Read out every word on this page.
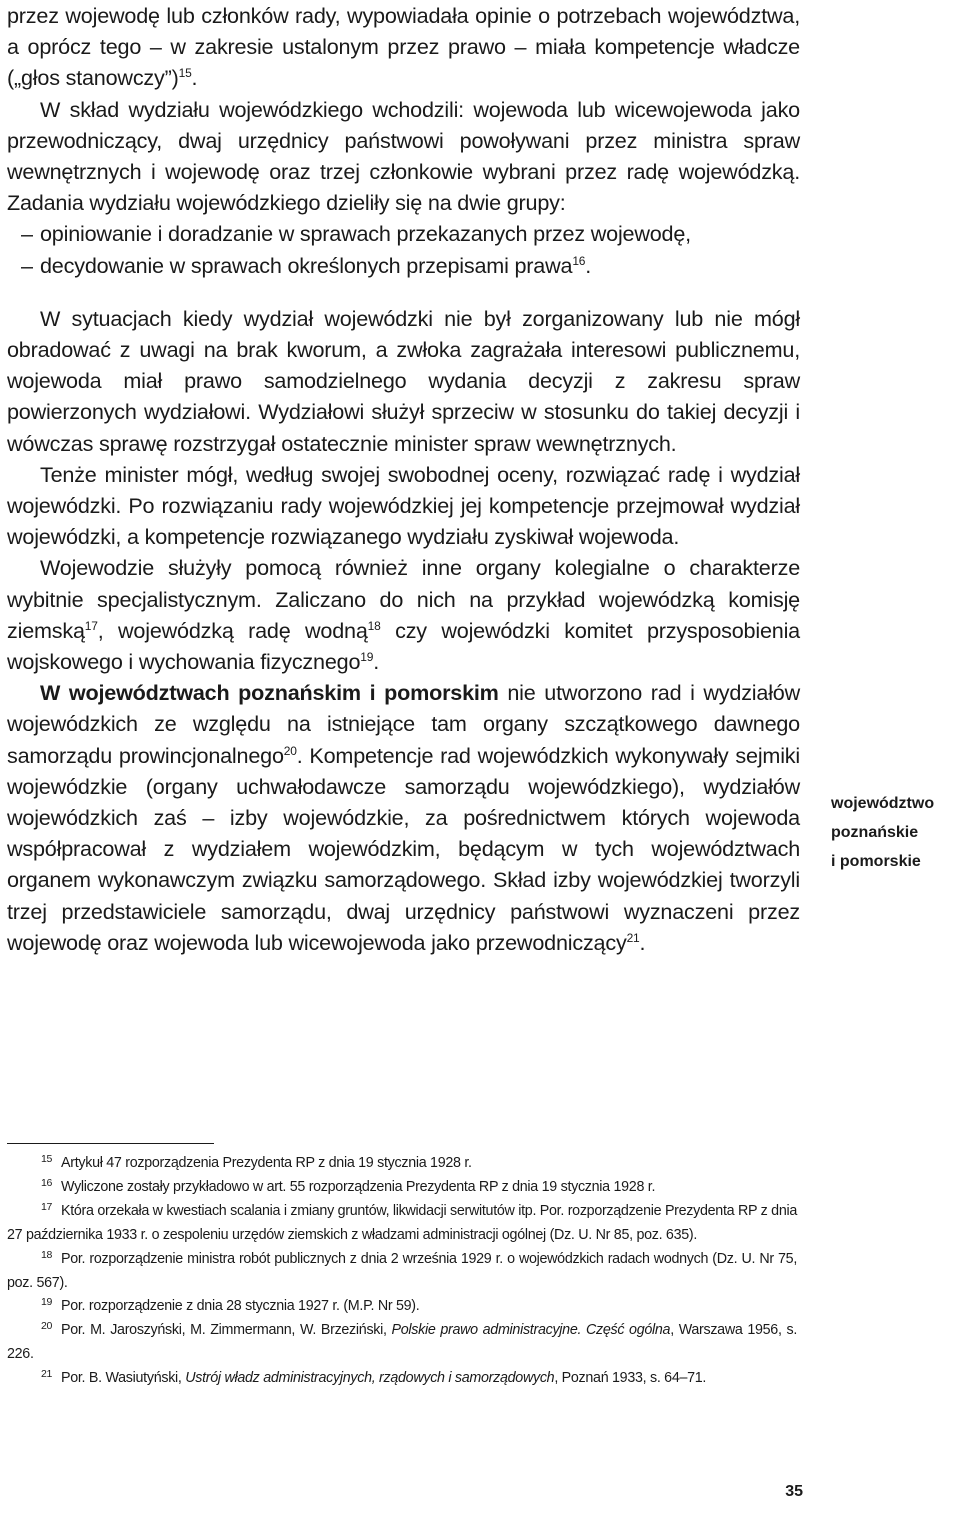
przez wojewodę lub członków rady, wypowiadała opinie o potrzebach województwa, a oprócz tego – w zakresie ustalonym przez prawo – miała kompetencje władcze („głos stanowczy”)$^{15}$.

W skład wydziału wojewódzkiego wchodzili: wojewoda lub wicewojewoda jako przewodniczący, dwaj urzędnicy państwowi powoływani przez ministra spraw wewnętrznych i wojewodę oraz trzej członkowie wybrani przez radę wojewódzką. Zadania wydziału wojewódzkiego dzieliły się na dwie grupy:

– opiniowanie i doradzanie w sprawach przekazanych przez wojewodę,
– decydowanie w sprawach określonych przepisami prawa$^{16}$.

W sytuacjach kiedy wydział wojewódzki nie był zorganizowany lub nie mógł obradować z uwagi na brak kworum, a zwłoka zagrażała interesowi publicznemu, wojewoda miał prawo samodzielnego wydania decyzji z zakresu spraw powierzonych wydziałowi. Wydziałowi służył sprzeciw w stosunku do takiej decyzji i wówczas sprawę rozstrzygał ostatecznie minister spraw wewnętrznych.

Tenże minister mógł, według swojej swobodnej oceny, rozwiązać radę i wydział wojewódzki. Po rozwiązaniu rady wojewódzkiej jej kompetencje przejmował wydział wojewódzki, a kompetencje rozwiązanego wydziału zyskiwał wojewoda.

Wojewodzie służyły pomocą również inne organy kolegialne o charakterze wybitnie specjalistycznym. Zaliczano do nich na przykład wojewódzką komisję ziemską$^{17}$, wojewódzką radę wodną$^{18}$ czy wojewódzki komitet przysposobienia wojskowego i wychowania fizycznego$^{19}$.

W województwach poznańskim i pomorskim nie utworzono rad i wydziałów wojewódzkich ze względu na istniejące tam organy szczątkowego dawnego samorządu prowincjonalnego$^{20}$. Kompetencje rad wojewódzkich wykonywały sejmiki wojewódzkie (organy uchwałodawcze samorządu wojewódzkiego), wydziałów wojewódzkich zaś – izby wojewódzkie, za pośrednictwem których wojewoda współpracował z wydziałem wojewódzkim, będącym w tych województwach organem wykonawczym związku samorządowego. Skład izby wojewódzkiej tworzyli trzej przedstawiciele samorządu, dwaj urzędnicy państwowi wyznaczeni przez wojewodę oraz wojewoda lub wicewojewoda jako przewodniczący$^{21}$.

województwo
poznańskie
i pomorskie

15 Artykuł 47 rozporządzenia Prezydenta RP z dnia 19 stycznia 1928 r.

16 Wyliczone zostały przykładowo w art. 55 rozporządzenia Prezydenta RP z dnia 19 stycznia 1928 r.

17 Która orzekała w kwestiach scalania i zmiany gruntów, likwidacji serwitutów itp. Por. rozporządzenie Prezydenta RP z dnia 27 października 1933 r. o zespoleniu urzędów ziemskich z władzami administracji ogólnej (Dz. U. Nr 85, poz. 635).

18 Por. rozporządzenie ministra robót publicznych z dnia 2 września 1929 r. o wojewódzkich radach wodnych (Dz. U. Nr 75, poz. 567).

19 Por. rozporządzenie z dnia 28 stycznia 1927 r. (M.P. Nr 59).

20 Por. M. Jaroszyński, M. Zimmermann, W. Brzeziński, Polskie prawo administracyjne. Część ogólna, Warszawa 1956, s. 226.

21 Por. B. Wasiutyński, Ustrój władz administracyjnych, rządowych i samorządowych, Poznań 1933, s. 64–71.

35
